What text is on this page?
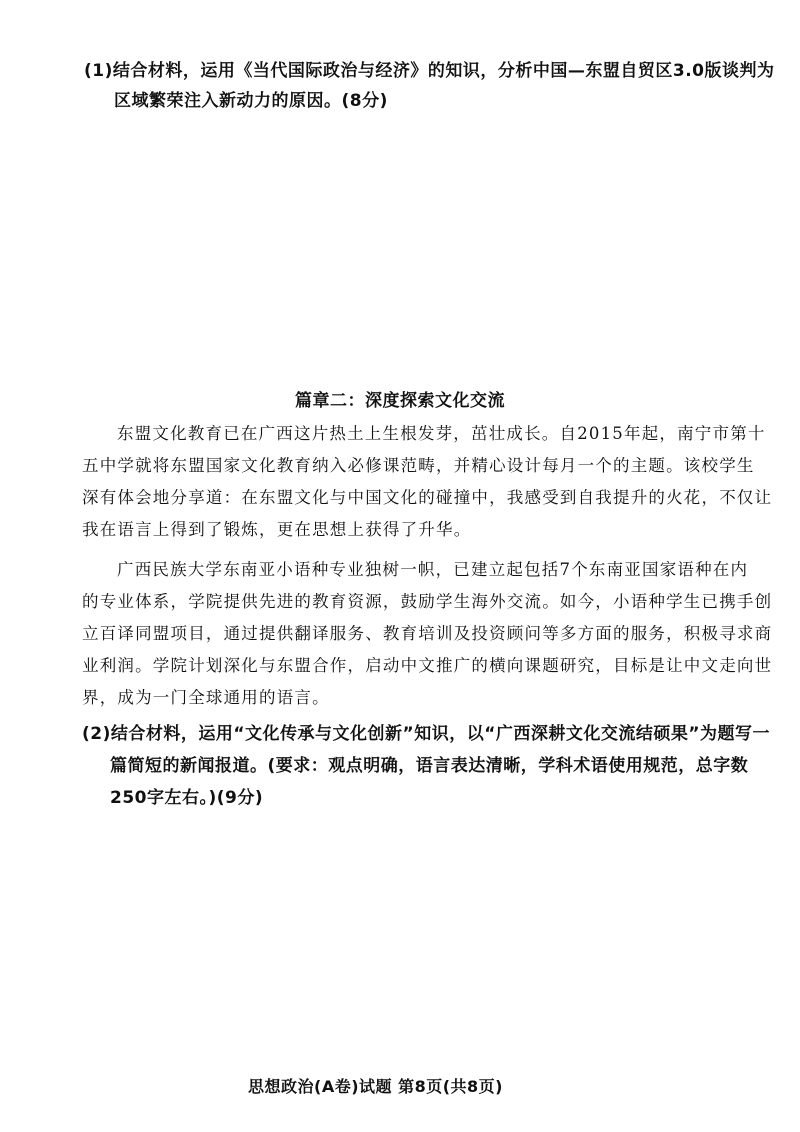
(1)结合材料，运用《当代国际政治与经济》的知识，分析中国—东盟自贸区3.0版谈判为
区域繁荣注入新动力的原因。(8分)
篇章二：深度探索文化交流
东盟文化教育已在广西这片热土上生根发芽，茁壮成长。自2015年起，南宁市第十
五中学就将东盟国家文化教育纳入必修课范畴，并精心设计每月一个的主题。该校学生
深有体会地分享道：在东盟文化与中国文化的碰撞中，我感受到自我提升的火花，不仅让
我在语言上得到了锻炼，更在思想上获得了升华。
广西民族大学东南亚小语种专业独树一帜，已建立起包括7个东南亚国家语种在内
的专业体系，学院提供先进的教育资源，鼓励学生海外交流。如今，小语种学生已携手创
立百译同盟项目，通过提供翻译服务、教育培训及投资顾问等多方面的服务，积极寻求商
业利润。学院计划深化与东盟合作，启动中文推广的横向课题研究，目标是让中文走向世
界，成为一门全球通用的语言。
(2)结合材料，运用“文化传承与文化创新”知识，以“广西深耕文化交流结硕果”为题写一
篇简短的新闻报道。(要求：观点明确，语言表达清晰，学科术语使用规范，总字数
250字左右。)(9分)
思想政治(A卷)试题 第8页(共8页)
